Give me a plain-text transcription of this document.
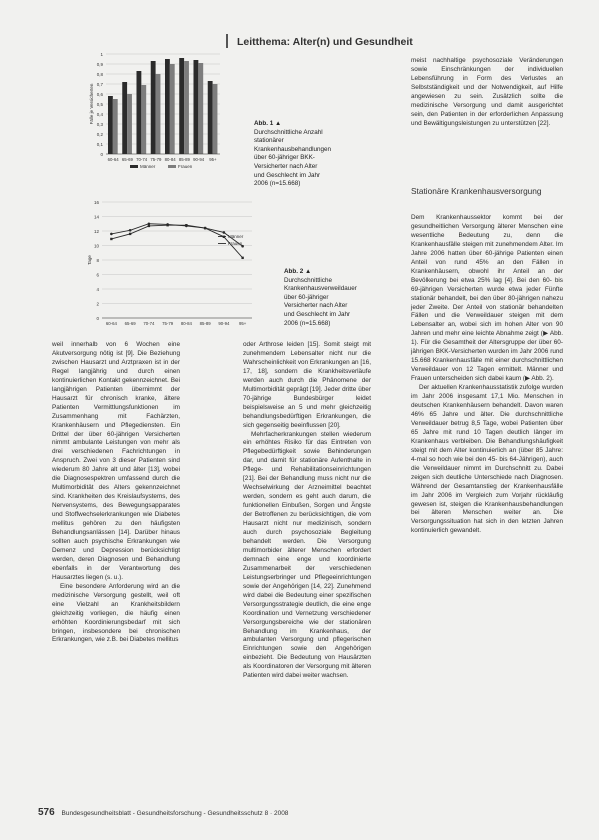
Leitthema: Alter(n) und Gesundheit
0
0,1
0,2
0,3
0,4
0,5
0,6
0,7
0,8
0,9
1
Fälle je Versicherten
60-64 65-69 70-74 75-79 80-84 85-89 90-94 95+
Männer	Frauen
Abb. 1 ▲ Durchschnittliche Anzahl stationärer Krankenhausbehandlungen über 60-jähriger BKK-Versicherter nach Alter und Geschlecht im Jahr 2006 (n=15.668)
0
2
4
6
8
10
12
14
16
Tage
60-64 65-69 70-74 75-79 80-84 85-89 90-94 95+
Männer
Frauen
Abb. 2 ▲ Durchschnittliche Krankenhausverweildauer über 60-jähriger Versicherter nach Alter und Geschlecht im Jahr 2006 (n=15.668)

meist nachhaltige psychosoziale Veränderungen sowie Einschränkungen der individuellen Lebensführung in Form des Verlustes an Selbstständigkeit und der Notwendigkeit, auf Hilfe angewiesen zu sein. Zusätzlich sollte die medizinische Versorgung und damit ausgerichtet sein, den Patienten in der erforderlichen Anpassung und Bewältigungsleistungen zu unterstützen [22].

Stationäre Krankenhausversorgung

weil innerhalb von 6 Wochen eine Akutversorgung nötig ist [9]. Die Beziehung zwischen Hausarzt und Arztpraxen ist in der Regel langjährig und durch einen kontinuierlichen Kontakt gekennzeichnet. Bei langjährigen Patienten übernimmt der Hausarzt für chronisch kranke, ältere Patienten Vermittlungsfunktionen im Zusammenhang mit Fachärzten, Krankenhäusern und Pflegediensten. Ein Drittel der über 60-jährigen Versicherten nimmt ambulante Leistungen von mehr als drei verschiedenen Fachrichtungen in Anspruch. Zwei von 3 dieser Patienten sind wiederum 80 Jahre alt und älter [13], wobei die Diagnosespektren umfassend durch die Multimorbidität des Alters gekennzeichnet sind. Krankheiten des Kreislaufsystems, des Nervensystems, des Bewegungsapparates und Stoffwechselerkrankungen wie Diabetes mellitus gehören zu den häufigsten Behandlungsanlässen [14]. Darüber hinaus sollten auch psychische Erkrankungen wie Demenz und Depression berücksichtigt werden, deren Diagnosen und Behandlung ebenfalls in der Verantwortung des Hausarztes liegen (s. u.).

Eine besondere Anforderung wird an die medizinische Versorgung gestellt, weil oft eine Vielzahl an Krankheitsbildern gleichzeitig vorliegen, die häufig einen erhöhten Koordinierungsbedarf mit sich bringen, insbesondere bei chronischen Erkrankungen, wie z.B. bei Diabetes mellitus

oder Arthrose leiden [15]. Somit steigt mit zunehmendem Lebensalter nicht nur die Wahrscheinlichkeit von Erkrankungen an [16, 17, 18], sondern die Krankheitsverläufe werden auch durch die Phänomene der Multimorbidität geprägt [19]. Jeder dritte über 70-jährige Bundesbürger leidet beispielsweise an 5 und mehr gleichzeitig behandlungsbedürftigen Erkrankungen, die sich gegenseitig beeinflussen [20].

Mehrfacherkrankungen stellen wiederum ein erhöhtes Risiko für das Eintreten von Pflegebedürftigkeit sowie Behinderungen dar, und damit für stationäre Aufenthalte in Pflege- und Rehabilitationseinrichtungen [21]. Bei der Behandlung muss nicht nur die Wechselwirkung der Arzneimittel beachtet werden, sondern es geht auch darum, die funktionellen Einbußen, Sorgen und Ängste der Betroffenen zu berücksichtigen, die vom Hausarzt nicht nur medizinisch, sondern auch durch psychosoziale Begleitung behandelt werden. Die Versorgung multimorbider älterer Menschen erfordert demnach eine enge und koordinierte Zusammenarbeit der verschiedenen Leistungserbringer und Pflegeeinrichtungen sowie der Angehörigen [14, 22]. Zunehmend wird dabei die Bedeutung einer spezifischen Versorgungsstrategie deutlich, die eine enge Koordination und Vernetzung verschiedener Versorgungsbereiche wie der stationären Behandlung im Krankenhaus, der ambulanten Versorgung und pflegerischen Einrichtungen sowie den Angehörigen einbezieht. Die Bedeutung von Hausärzten als Koordinatoren der Versorgung mit älteren Patienten wird dabei weiter wachsen.

Dem Krankenhaussektor kommt bei der gesundheitlichen Versorgung älterer Menschen eine wesentliche Bedeutung zu, denn die Krankenhausfälle steigen mit zunehmendem Alter. Im Jahre 2006 hatten über 60-jährige Patienten einen Anteil von rund 45% an den Fällen in Krankenhäusern, obwohl ihr Anteil an der Bevölkerung bei etwa 25% lag [4]. Bei den 60- bis 69-jährigen Versicherten wurde etwa jeder Fünfte stationär behandelt, bei den über 80-jährigen nahezu jeder Zweite. Der Anteil von stationär behandelten Fällen und die Verweildauer steigen mit dem Lebensalter an, wobei sich im hohen Alter von 90 Jahren und mehr eine leichte Abnahme zeigt (▶ Abb. 1). Für die Gesamtheit der Altersgruppe der über 60-jährigen BKK-Versicherten wurden im Jahr 2006 rund 15.668 Krankenhausfälle mit einer durchschnittlichen Verweildauer von 12 Tagen ermittelt. Männer und Frauen unterscheiden sich dabei kaum (▶ Abb. 2).

Der aktuellen Krankenhausstatistik zufolge wurden im Jahr 2006 insgesamt 17,1 Mio. Menschen in deutschen Krankenhäusern behandelt. Davon waren 46% 65 Jahre und älter. Die durchschnittliche Verweildauer betrug 8,5 Tage, wobei Patienten über 65 Jahre mit rund 10 Tagen deutlich länger im Krankenhaus verbleiben. Die Behandlungshäufigkeit steigt mit dem Alter kontinuierlich an (über 85 Jahre: 4-mal so hoch wie bei den 45- bis 64-Jährigen), auch die Verweildauer nimmt im Durchschnitt zu. Dabei zeigen sich deutliche Unterschiede nach Diagnosen. Während der Gesamtanstieg der Krankenhausfälle im Jahr 2006 im Vergleich zum Vorjahr rückläufig gewesen ist, steigen die Krankenhausbehandlungen bei älteren Menschen weiter an. Die Versorgungssituation hat sich in den letzten Jahren kontinuierlich gewandelt.

576 Bundesgesundheitsblatt - Gesundheitsforschung - Gesundheitsschutz 8 · 2008
